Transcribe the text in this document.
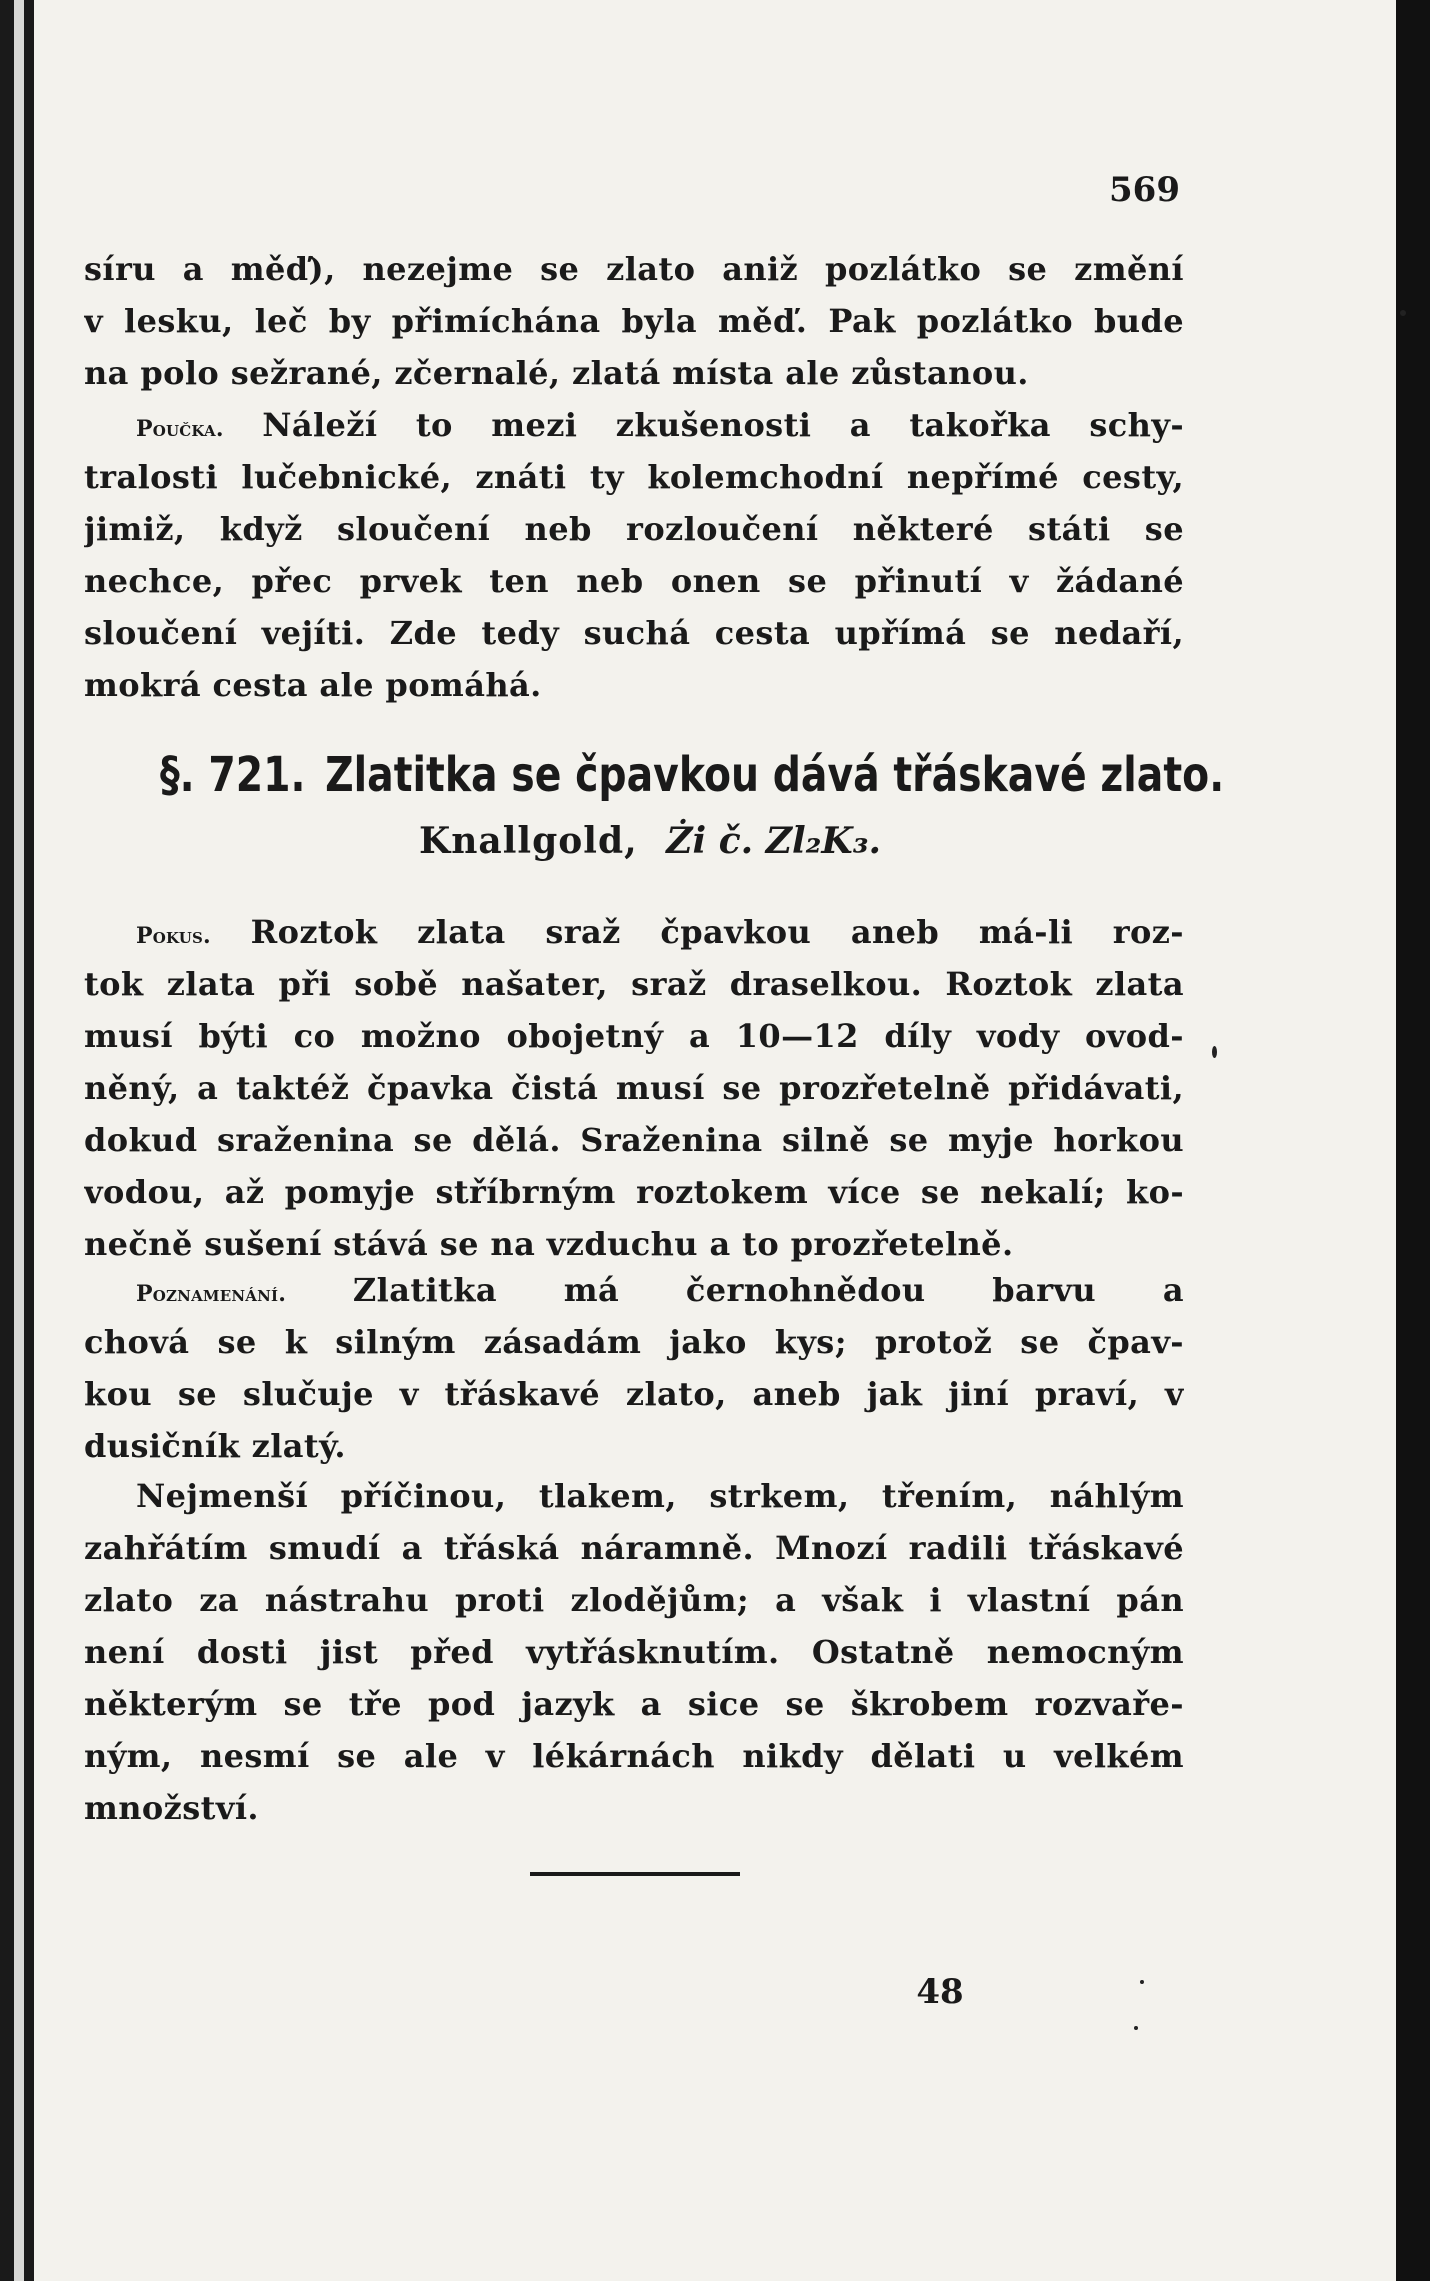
569
síru a měď), nezejme se zlato aniž pozlátko se změní
v lesku, leč by přimíchána byla měď. Pak pozlátko bude
na polo sežrané, zčernalé, zlatá místa ale zůstanou.
Poučka. Náleží to mezi zkušenosti a takořka schy-
tralosti lučebnické, znáti ty kolemchodní nepřímé cesty,
jimiž, když sloučení neb rozloučení některé státi se
nechce, přec prvek ten neb onen se přinutí v žádané
sloučení vejíti. Zde tedy suchá cesta upřímá se nedaří,
mokrá cesta ale pomáhá.
§. 721. Zlatitka se čpavkou dává třáskavé zlato.
Knallgold, Żi č. Zl₂K₃.
Pokus. Roztok zlata sraž čpavkou aneb má-li roz-
tok zlata při sobě našater, sraž draselkou. Roztok zlata
musí býti co možno obojetný a 10—12 díly vody ovod-
něný, a taktéž čpavka čistá musí se prozřetelně přidávati,
dokud sraženina se dělá. Sraženina silně se myje horkou
vodou, až pomyje stříbrným roztokem více se nekalí; ko-
nečně sušení stává se na vzduchu a to prozřetelně.
Poznamenání. Zlatitka má černohnědou barvu a
chová se k silným zásadám jako kys; protož se čpav-
kou se slučuje v třáskavé zlato, aneb jak jiní praví, v
dusičník zlatý.
Nejmenší příčinou, tlakem, strkem, třením, náhlým
zahřátím smudí a třáská náramně. Mnozí radili třáskavé
zlato za nástrahu proti zlodějům; a však i vlastní pán
není dosti jist před vytřásknutím. Ostatně nemocným
některým se tře pod jazyk a sice se škrobem rozvaře-
ným, nesmí se ale v lékárnách nikdy dělati u velkém
množství.
48
